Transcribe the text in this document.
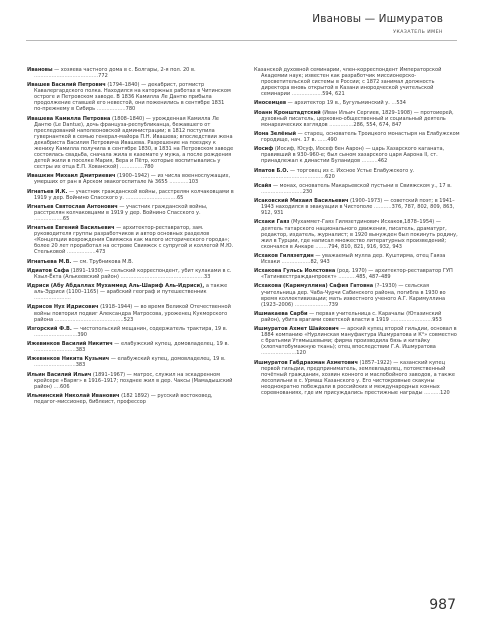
Ивановы — Ишмуратов
УКАЗАТЕЛЬ ИМЕН
Ивановы — хозяева частного дома в с. Болгары, 2-я пол. 20 в. ........................................772
Ивашев Василий Петрович (1794–1840) — декабрист, ротмистр Кавалергардского полка. Находился на каторжных работах в Читинском остроге и Петровском заводе. В 1836 Камилла Ле Дантю прибыла продолжение ставшей его невестой, они поженились в сентябре 1831 по-прежнему в Сибирь ..................780
Ивашева Камилла Петровна (1808–1840) — урожденная Камилла Ле Дантю (Le Dantue), дочь француза-республиканца, бежавшего от преследований наполеоновской администрации; в 1812 поступила гувернанткой в семью генерал-майора П.Н. Ивашева; впоследствии жена декабриста Василия Петровича Ивашева. Разрешение на поездку к жениху Камилла получила в сентябре 1830, в 1831 на Петровском заводе состоялась свадьба, сначала жила в каземате у мужа, а после рождения детей жили в поселке Мария, Вера и Пётр, которые воспитывались у сестры их отца Е.П. Хованской) ...............780
Ивашкин Михаил Дмитриевич (1900–1942) — из числа военнослужащих, умерших от ран в Арском эвакогоспитале № 3655 ............103
Игнатьев И.К. — участник гражданской войны, расстрелян колчаковцами в 1919 у дер. Войнино Спасского у. ................................65
Игнатьев Святослав Антонович — участник гражданской войны, расстрелян колчаковцами в 1919 у дер. Войнино Спасского у. ..................65
Игнатьев Евгений Васильевич — архитектор-реставратор, зам. руководителя группы разработчиков и автор основных разделов «Концепции возрождения Свияжска как малого исторического города»; более 20 лет проработал на острове Свияжск с супругой и коллегой М.Ю. Стельковой ..................473
Игнатьева М.В. — см. Трубникова М.В.
Идиатов Сафа (1891–1930) — сельский корреспондент, убит кулаками в с. Кзыл-Ёкта (Алькеевский район) ....................................................33
Идриси (Абу Абдаллах Мухаммед Аль-Шариф Аль-Идриси), а также аль-Эдриси (1100–1165) — арабский географ и путешественник .......................
Идрисов Нух Идрисович (1918–1944) — во время Великой Отечественной войны повторил подвиг Александра Матросова, уроженец Кукморского района ...........................................523
Изгорский Ф.В. — чистопольский мещанин, содержатель трактира, 19 в. ...........................390
Ижевинков Василий Никитич — елабужский купец, домовладелец, 19 в. ..........................383
Ижевинков Никита Кузьмич — елабужский купец, домовладелец, 19 в. ..........................383
Ильин Василий Ильич (1891–1967) — матрос, служил на эскадренном крейсере «Варяг» в 1916–1917; позднее жил в дер. Чаксы (Мамадышский район) ....606
Ильминский Николай Иванович (182 1892) — русский востоковед, педагог-миссионер, библеист, профессор
Казанской духовной семинарии, член-корреспондент Императорской Академии наук; известен как разработчик миссионерско-просветительской системы в России; с 1872 занимал должность директора вновь открытой в Казани инородческой учительской семинарии ...................594, 621
Иносемцев — архитектор 19 в., Бугульминский у. ...534
Иоанн Кронштадтский (Иван Ильич Сергиев, 1829–1908) — протоиерей, духовный писатель, церковно-общественный и социальный деятель монархических взглядов ...............286, 554, 674, 847
Иона Зелёный — старец, основатель Троицкого монастыря на Елабужском городище, нач. 17 в. ......490
Иосиф (Иосиф, Юсуф, Иосеф бен Аарон) — царь Хазарского каганата, правивший в 930–960-е; был сыном хазарского царя Аарона II, ст. принадлежал к династии Буланидов ..........462
Ипатов Б.О. — торговец из с. Ихсное Устье Елабужского у. ........................................620
Исайя — монах, основатель Макарьевской пустыни в Свияжском у., 17 в. ..........................230
Исаковский Михаил Васильевич (1900–1973) — советский поэт; в 1941–1943 находился в эвакуации в Чистополе ...........376, 787, 802, 809, 863, 912, 931
Исхаки Гаяз (Мухаммет-Гаяз Гилязетдинович Исхаков,1878–1954) — деятель татарского национального движения, писатель, драматург, редактор, издатель, журналист; в 1920 вынужден был покинуть родину, жил в Турции, где написал множество литературных произведений; скончался в Анкаре ........794, 810, 821, 916, 932, 943
Исхаков Гилязетдин — уважаемый мулла дер. Куштирма, отец Гаяза Исхаки ..................82, 943
Исхакова Гульсь Иолстовна (род. 1970) — архитектор-реставратор ГУП «Татинвестгражданпроект» ...........485, 487–489
Исхакова (Каримуллина) Сафия Гатовна (?–1930) — сельская учительница дер. Чаба-Чурчи Сабинского района, погибла в 1930 во время коллективизации; мать известного ученого А.Г. Каримуллина (1923–2006) .....................739
Ишмакаева Сарби — первая учительница с. Карачалы (Ютазинский район), убита врагами советской власти в 1919 ..........................953
Ишмуратов Ахмет Шайхович — арский купец второй гильдии, основал в 1884 компанию «Нурлинская мануфактура Ишмуратова и К°» совместно с братьями Утямышевыми; фирма производила бязь и китайку (хлопчатобумажную ткань); отец впоследствии Г.А. Ишмуратова ......................120
Ишмуратов Габдрахман Ахметович (1857–1922) — казанский купец первой гильдии, предприниматель, землевладелец, потомственный почётный гражданин, хозяин конного и маслобойного заводов, а также лесопильни в с. Урмаш Казанского у. Его чистокровные скакуны неоднократно побеждали в российских и международных конных соревнованиях, где им присуждались престижные награды ..........120
987
